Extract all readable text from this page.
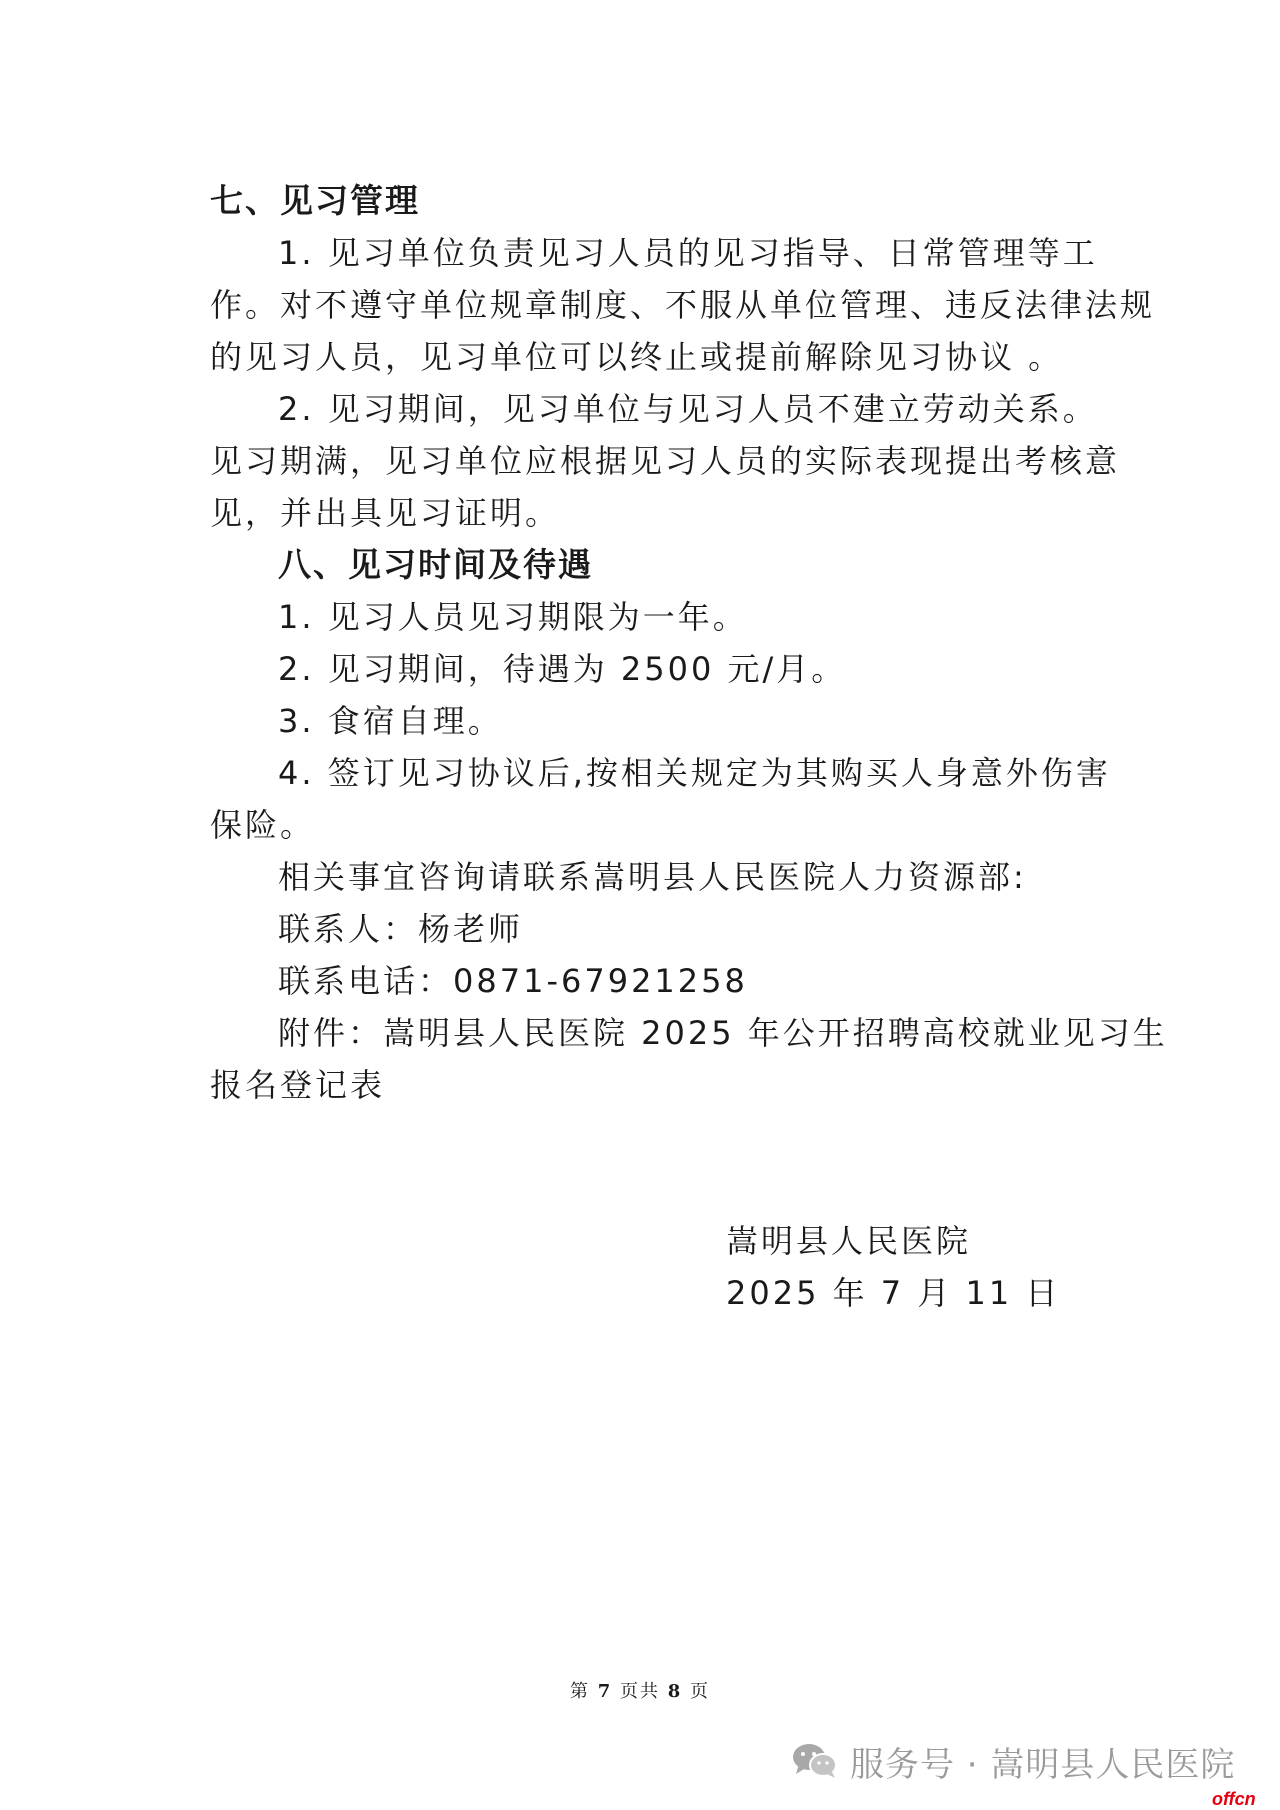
七、见习管理
1. 见习单位负责见习人员的见习指导、日常管理等工
作。对不遵守单位规章制度、不服从单位管理、违反法律法规
的见习人员，见习单位可以终止或提前解除见习协议 。
2. 见习期间，见习单位与见习人员不建立劳动关系。
见习期满，见习单位应根据见习人员的实际表现提出考核意
见，并出具见习证明。
八、见习时间及待遇
1. 见习人员见习期限为一年。
2. 见习期间，待遇为 2500 元/月。
3. 食宿自理。
4. 签订见习协议后,按相关规定为其购买人身意外伤害
保险。
相关事宜咨询请联系嵩明县人民医院人力资源部:
联系人：杨老师
联系电话：0871-67921258
附件：嵩明县人民医院 2025 年公开招聘高校就业见习生
报名登记表
嵩明县人民医院
2025 年 7 月 11 日
第 7 页共 8 页
服务号 · 嵩明县人民医院
offcn
